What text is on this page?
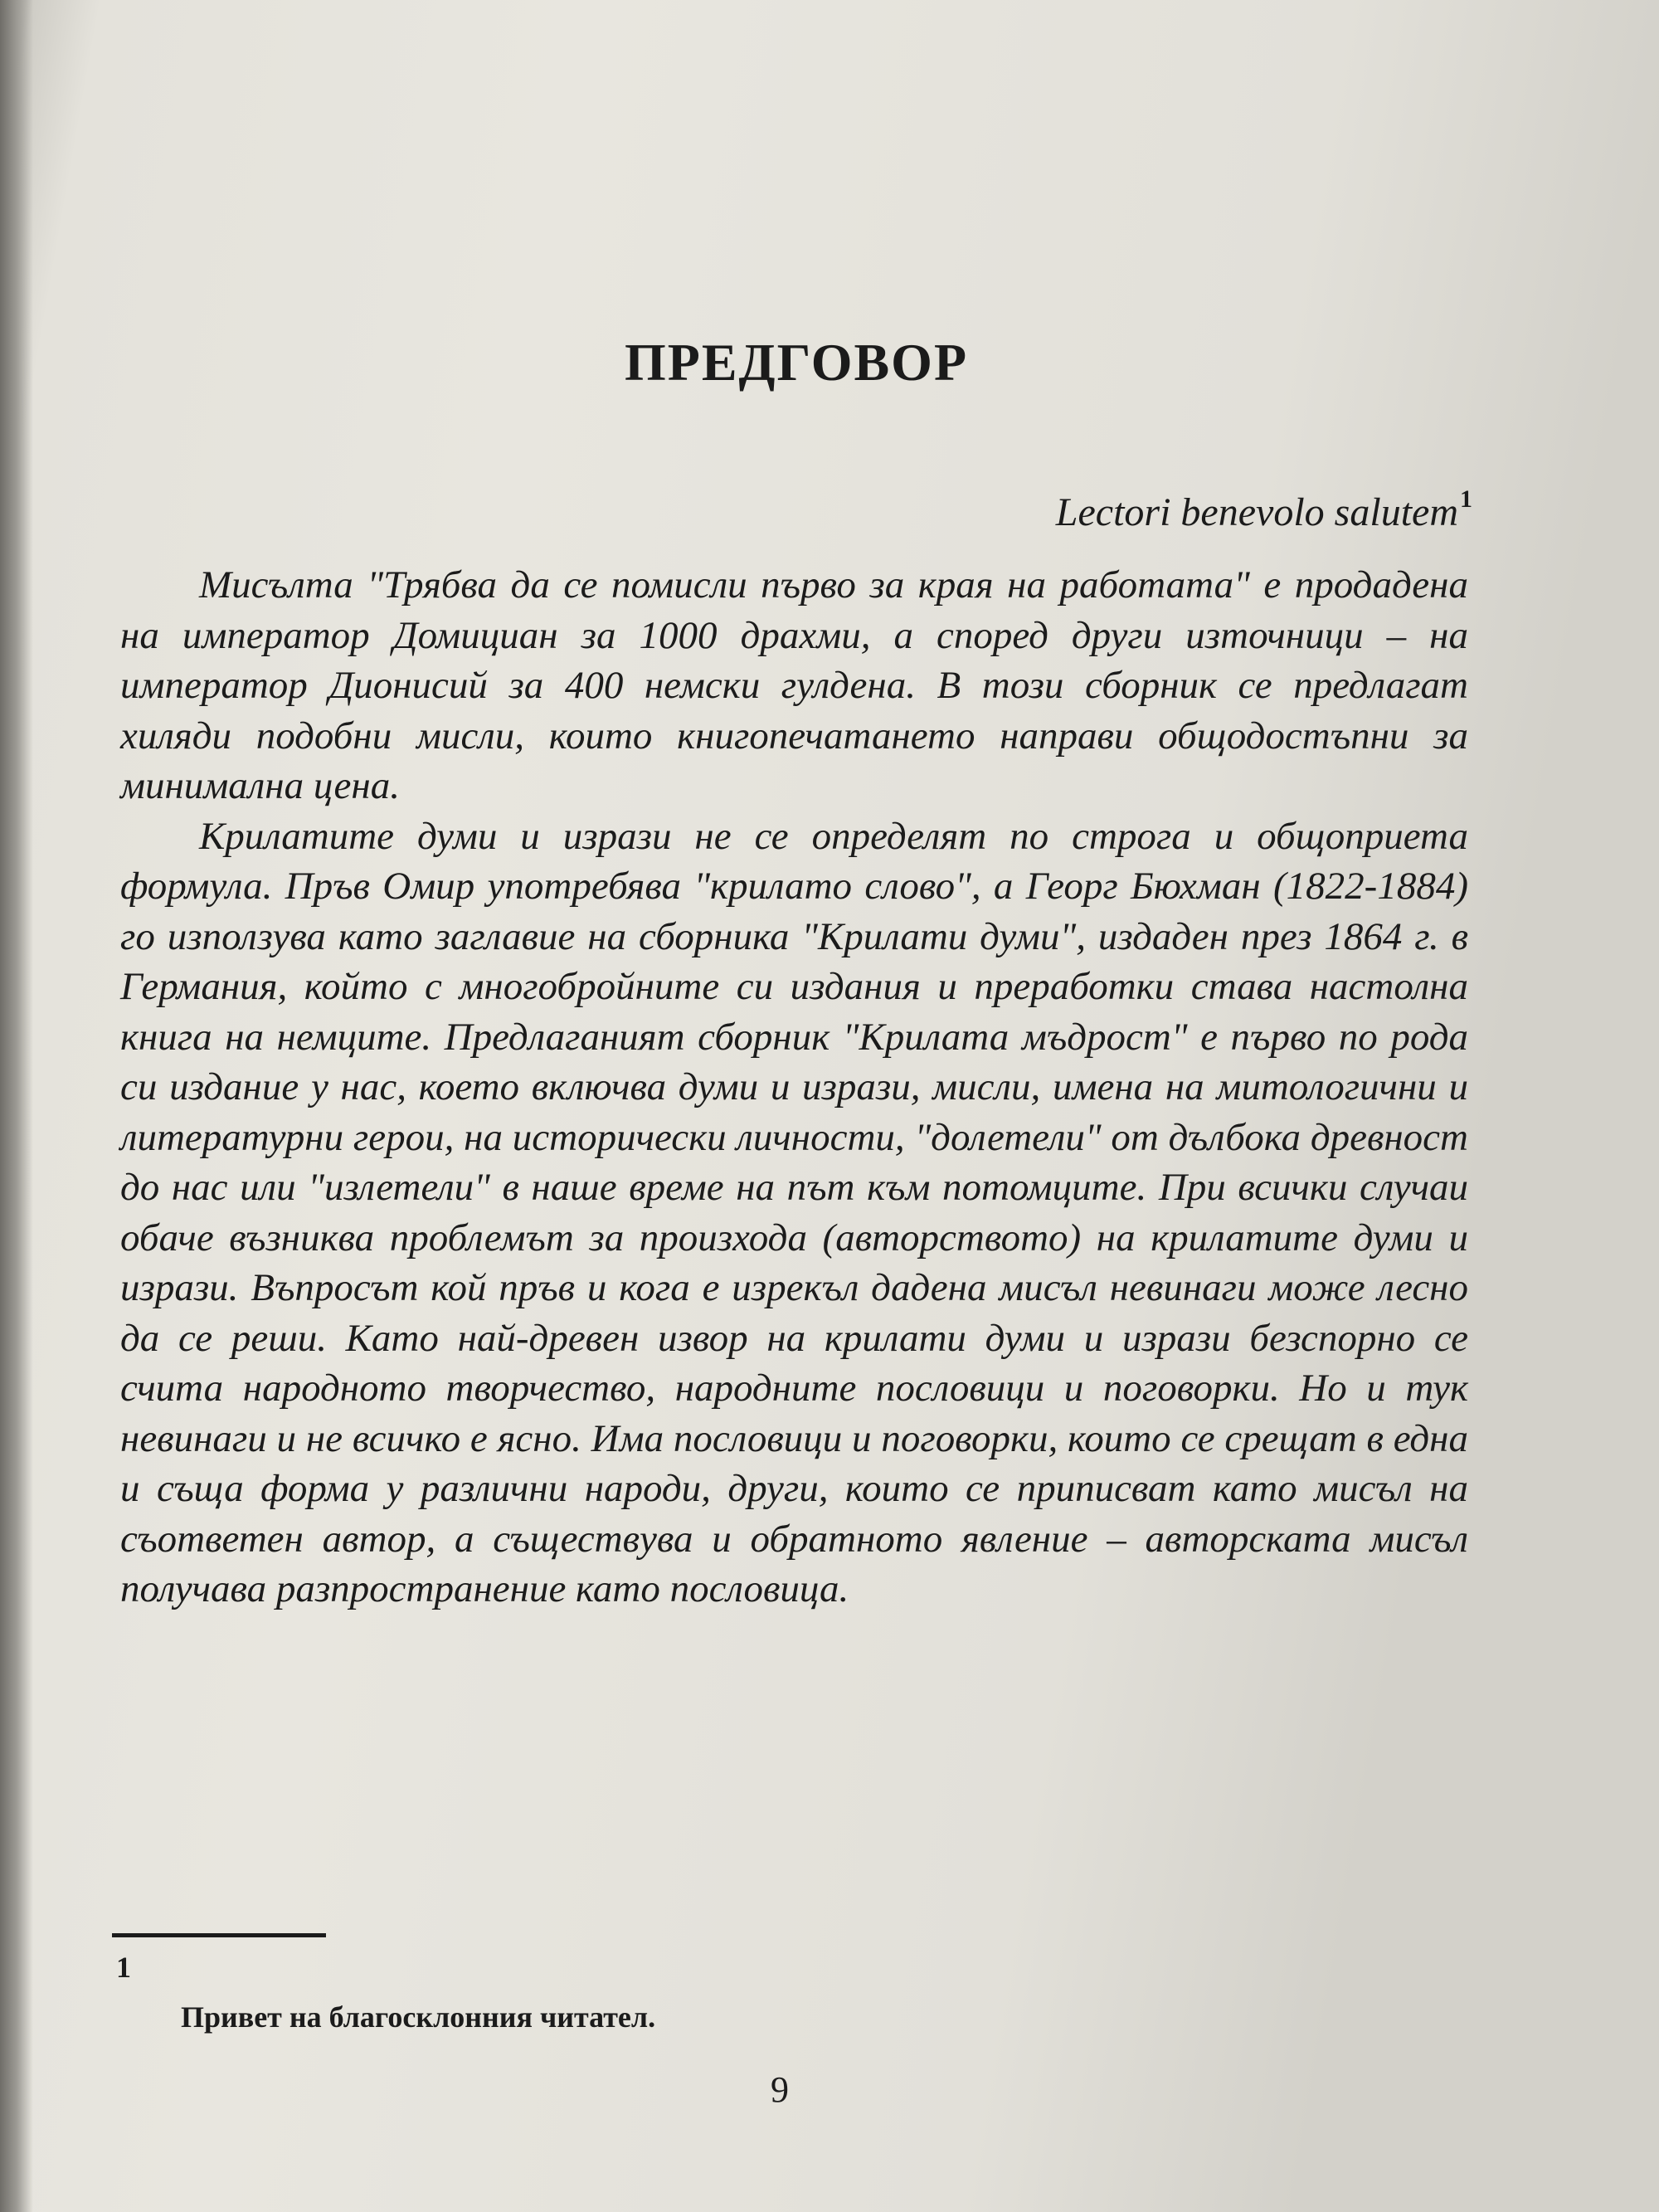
ПРЕДГОВОР

Lectori benevolo salutem$^1$

Мисълта "Трябва да се помисли първо за края на работата" е продадена на император Домициан за 1000 драхми, а според други източници – на император Дионисий за 400 немски гулдена. В този сборник се предлагат хиляди подобни мисли, които книгопечатането направи общодостъпни за минимална цена.

Крилатите думи и изрази не се определят по строга и общоприета формула. Пръв Омир употребява "крилато слово", а Георг Бюхман (1822-1884) го използува като заглавие на сборника "Крилати думи", издаден през 1864 г. в Германия, който с многобройните си издания и преработки става настолна книга на немците. Предлаганият сборник "Крилата мъдрост" е първо по рода си издание у нас, което включва думи и изрази, мисли, имена на митологични и литературни герои, на исторически личности, "долетели" от дълбока древност до нас или "излетели" в наше време на път към потомците. При всички случаи обаче възниква проблемът за произхода (авторството) на крилатите думи и изрази. Въпросът кой пръв и кога е изрекъл дадена мисъл невинаги може лесно да се реши. Като най-древен извор на крилати думи и изрази безспорно се счита народното творчество, народните пословици и поговорки. Но и тук невинаги и не всичко е ясно. Има пословици и поговорки, които се срещат в една и съща форма у различни народи, други, които се приписват като мисъл на съответен автор, а съществува и обратното явление – авторската мисъл получава разпространение като пословица.

1

Привет на благосклонния читател.

9
